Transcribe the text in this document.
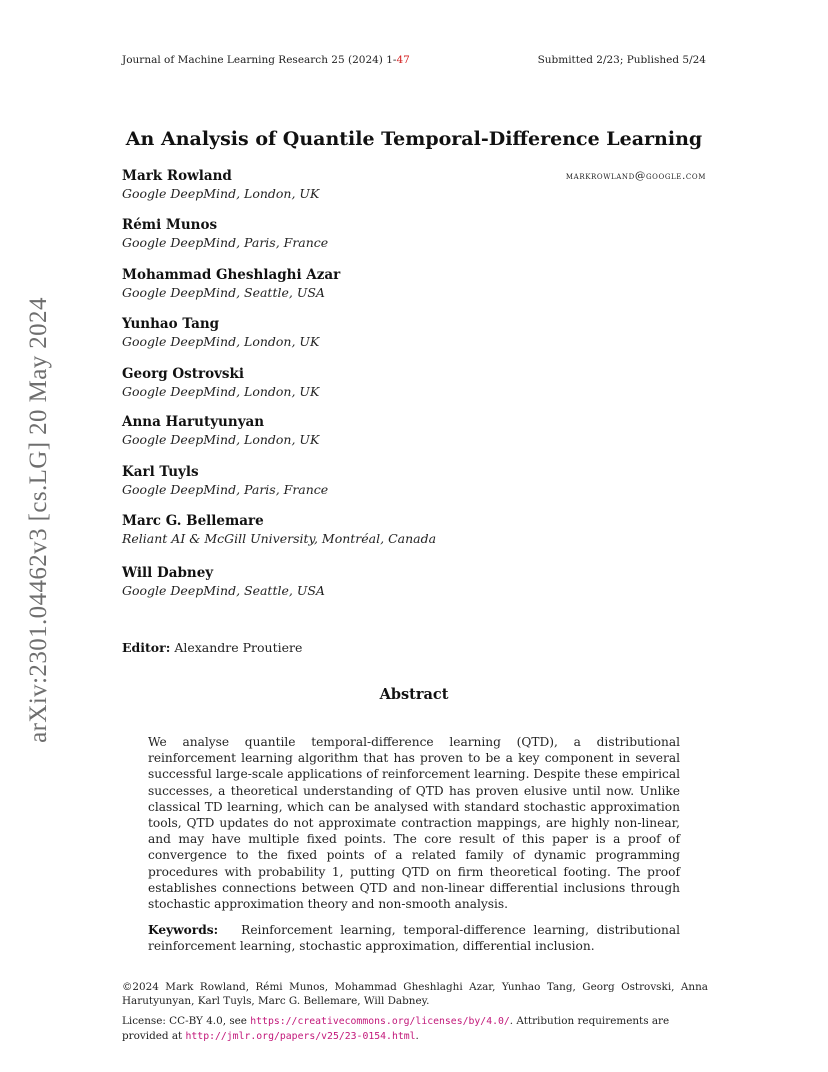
Journal of Machine Learning Research 25 (2024) 1-47	Submitted 2/23; Published 5/24
arXiv:2301.04462v3 [cs.LG] 20 May 2024
An Analysis of Quantile Temporal-Difference Learning
Mark Rowland
Google DeepMind, London, UK
markrowland@google.com
Rémi Munos
Google DeepMind, Paris, France
Mohammad Gheshlaghi Azar
Google DeepMind, Seattle, USA
Yunhao Tang
Google DeepMind, London, UK
Georg Ostrovski
Google DeepMind, London, UK
Anna Harutyunyan
Google DeepMind, London, UK
Karl Tuyls
Google DeepMind, Paris, France
Marc G. Bellemare
Reliant AI & McGill University, Montréal, Canada
Will Dabney
Google DeepMind, Seattle, USA
Editor: Alexandre Proutiere
Abstract
We analyse quantile temporal-difference learning (QTD), a distributional reinforcement learning algorithm that has proven to be a key component in several successful large-scale applications of reinforcement learning. Despite these empirical successes, a theoretical understanding of QTD has proven elusive until now. Unlike classical TD learning, which can be analysed with standard stochastic approximation tools, QTD updates do not approximate contraction mappings, are highly non-linear, and may have multiple fixed points. The core result of this paper is a proof of convergence to the fixed points of a related family of dynamic programming procedures with probability 1, putting QTD on firm theoretical footing. The proof establishes connections between QTD and non-linear differential inclusions through stochastic approximation theory and non-smooth analysis.
Keywords: Reinforcement learning, temporal-difference learning, distributional reinforcement learning, stochastic approximation, differential inclusion.
©2024 Mark Rowland, Rémi Munos, Mohammad Gheshlaghi Azar, Yunhao Tang, Georg Ostrovski, Anna Harutyunyan, Karl Tuyls, Marc G. Bellemare, Will Dabney.
License: CC-BY 4.0, see https://creativecommons.org/licenses/by/4.0/. Attribution requirements are provided at http://jmlr.org/papers/v25/23-0154.html.
